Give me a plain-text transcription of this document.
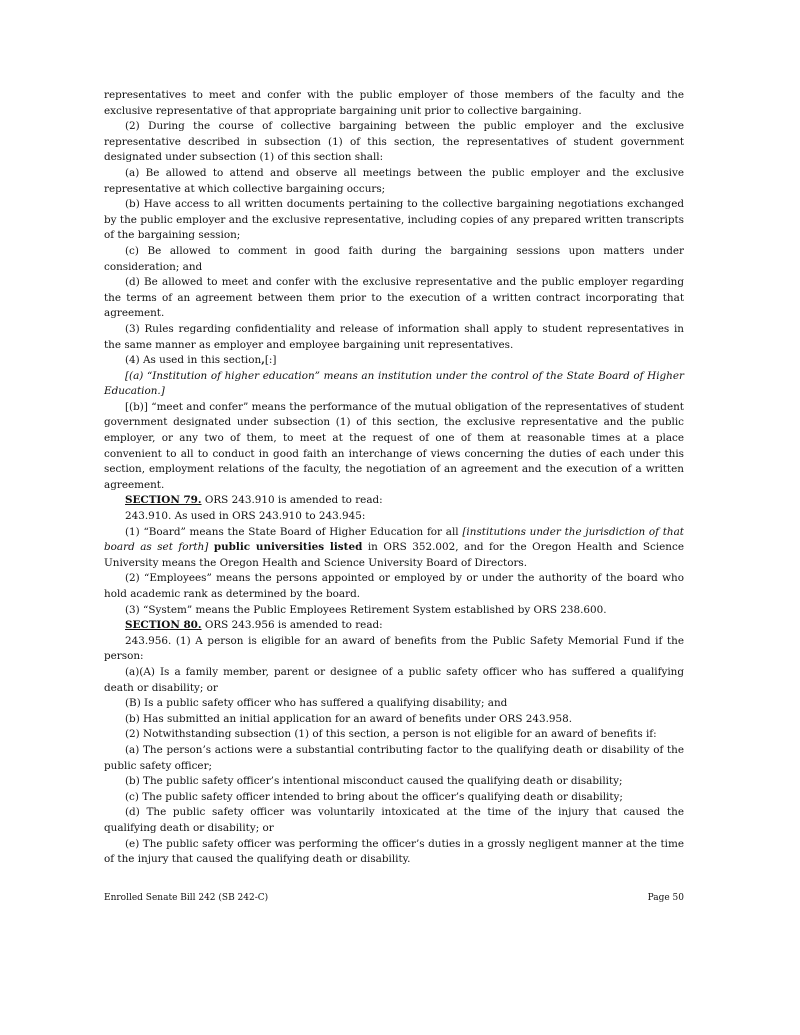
representatives to meet and confer with the public employer of those members of the faculty and the exclusive representative of that appropriate bargaining unit prior to collective bargaining.

(2) During the course of collective bargaining between the public employer and the exclusive representative described in subsection (1) of this section, the representatives of student government designated under subsection (1) of this section shall:

(a) Be allowed to attend and observe all meetings between the public employer and the exclusive representative at which collective bargaining occurs;

(b) Have access to all written documents pertaining to the collective bargaining negotiations exchanged by the public employer and the exclusive representative, including copies of any prepared written transcripts of the bargaining session;

(c) Be allowed to comment in good faith during the bargaining sessions upon matters under consideration; and

(d) Be allowed to meet and confer with the exclusive representative and the public employer regarding the terms of an agreement between them prior to the execution of a written contract incorporating that agreement.

(3) Rules regarding confidentiality and release of information shall apply to student representatives in the same manner as employer and employee bargaining unit representatives.

(4) As used in this section,[:]

[(a) “Institution of higher education” means an institution under the control of the State Board of Higher Education.]

[(b)] “meet and confer” means the performance of the mutual obligation of the representatives of student government designated under subsection (1) of this section, the exclusive representative and the public employer, or any two of them, to meet at the request of one of them at reasonable times at a place convenient to all to conduct in good faith an interchange of views concerning the duties of each under this section, employment relations of the faculty, the negotiation of an agreement and the execution of a written agreement.

SECTION 79. ORS 243.910 is amended to read:

243.910. As used in ORS 243.910 to 243.945:

(1) “Board” means the State Board of Higher Education for all [institutions under the jurisdiction of that board as set forth] public universities listed in ORS 352.002, and for the Oregon Health and Science University means the Oregon Health and Science University Board of Directors.

(2) “Employees” means the persons appointed or employed by or under the authority of the board who hold academic rank as determined by the board.

(3) “System” means the Public Employees Retirement System established by ORS 238.600.

SECTION 80. ORS 243.956 is amended to read:

243.956. (1) A person is eligible for an award of benefits from the Public Safety Memorial Fund if the person:

(a)(A) Is a family member, parent or designee of a public safety officer who has suffered a qualifying death or disability; or

(B) Is a public safety officer who has suffered a qualifying disability; and

(b) Has submitted an initial application for an award of benefits under ORS 243.958.

(2) Notwithstanding subsection (1) of this section, a person is not eligible for an award of benefits if:

(a) The person’s actions were a substantial contributing factor to the qualifying death or disability of the public safety officer;

(b) The public safety officer’s intentional misconduct caused the qualifying death or disability;

(c) The public safety officer intended to bring about the officer’s qualifying death or disability;

(d) The public safety officer was voluntarily intoxicated at the time of the injury that caused the qualifying death or disability; or

(e) The public safety officer was performing the officer’s duties in a grossly negligent manner at the time of the injury that caused the qualifying death or disability.

Enrolled Senate Bill 242 (SB 242-C)	Page 50
